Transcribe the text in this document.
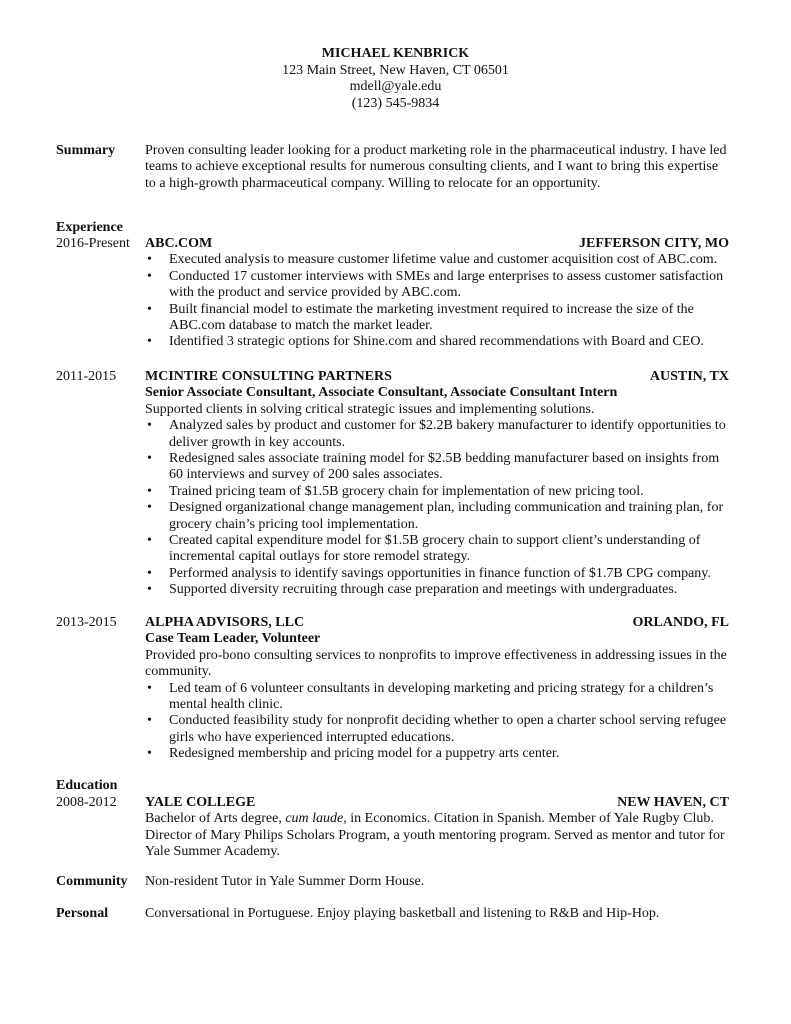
MICHAEL KENBRICK
123 Main Street, New Haven, CT 06501
mdell@yale.edu
(123) 545-9834
Summary Proven consulting leader looking for a product marketing role in the pharmaceutical industry. I have led teams to achieve exceptional results for numerous consulting clients, and I want to bring this expertise to a high-growth pharmaceutical company. Willing to relocate for an opportunity.
Experience
2016-Present ABC.COM	JEFFERSON CITY, MO
• Executed analysis to measure customer lifetime value and customer acquisition cost of ABC.com.
• Conducted 17 customer interviews with SMEs and large enterprises to assess customer satisfaction with the product and service provided by ABC.com.
• Built financial model to estimate the marketing investment required to increase the size of the ABC.com database to match the market leader.
• Identified 3 strategic options for Shine.com and shared recommendations with Board and CEO.
2011-2015 MCINTIRE CONSULTING PARTNERS	AUSTIN, TX
Senior Associate Consultant, Associate Consultant, Associate Consultant Intern
Supported clients in solving critical strategic issues and implementing solutions.
• Analyzed sales by product and customer for $2.2B bakery manufacturer to identify opportunities to deliver growth in key accounts.
• Redesigned sales associate training model for $2.5B bedding manufacturer based on insights from 60 interviews and survey of 200 sales associates.
• Trained pricing team of $1.5B grocery chain for implementation of new pricing tool.
• Designed organizational change management plan, including communication and training plan, for grocery chain’s pricing tool implementation.
• Created capital expenditure model for $1.5B grocery chain to support client’s understanding of incremental capital outlays for store remodel strategy.
• Performed analysis to identify savings opportunities in finance function of $1.7B CPG company.
• Supported diversity recruiting through case preparation and meetings with undergraduates.
2013-2015 ALPHA ADVISORS, LLC	ORLANDO, FL
Case Team Leader, Volunteer
Provided pro-bono consulting services to nonprofits to improve effectiveness in addressing issues in the community.
• Led team of 6 volunteer consultants in developing marketing and pricing strategy for a children’s mental health clinic.
• Conducted feasibility study for nonprofit deciding whether to open a charter school serving refugee girls who have experienced interrupted educations.
• Redesigned membership and pricing model for a puppetry arts center.
Education
2008-2012 YALE COLLEGE	NEW HAVEN, CT
Bachelor of Arts degree, cum laude, in Economics. Citation in Spanish. Member of Yale Rugby Club. Director of Mary Philips Scholars Program, a youth mentoring program. Served as mentor and tutor for Yale Summer Academy.
Community Non-resident Tutor in Yale Summer Dorm House.
Personal	Conversational in Portuguese. Enjoy playing basketball and listening to R&B and Hip-Hop.
